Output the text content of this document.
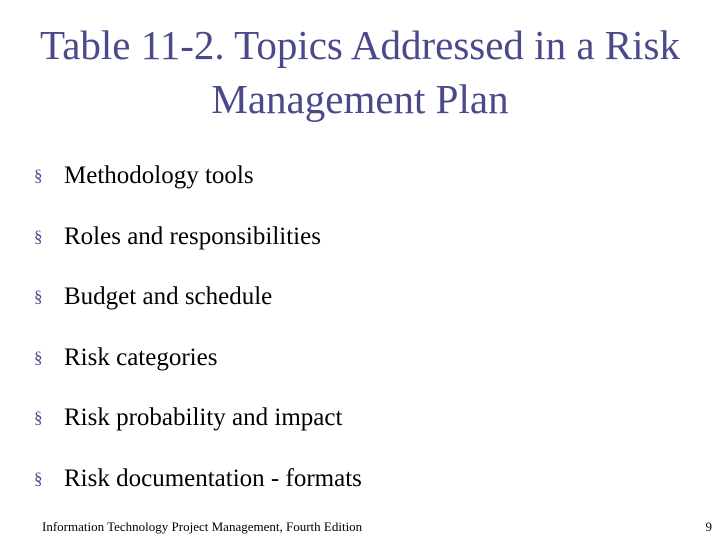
Table 11-2. Topics Addressed in a Risk Management Plan
§ Methodology tools
§ Roles and responsibilities
§ Budget and schedule
§ Risk categories
§ Risk probability and impact
§ Risk documentation - formats
Information Technology Project Management, Fourth Edition	9
